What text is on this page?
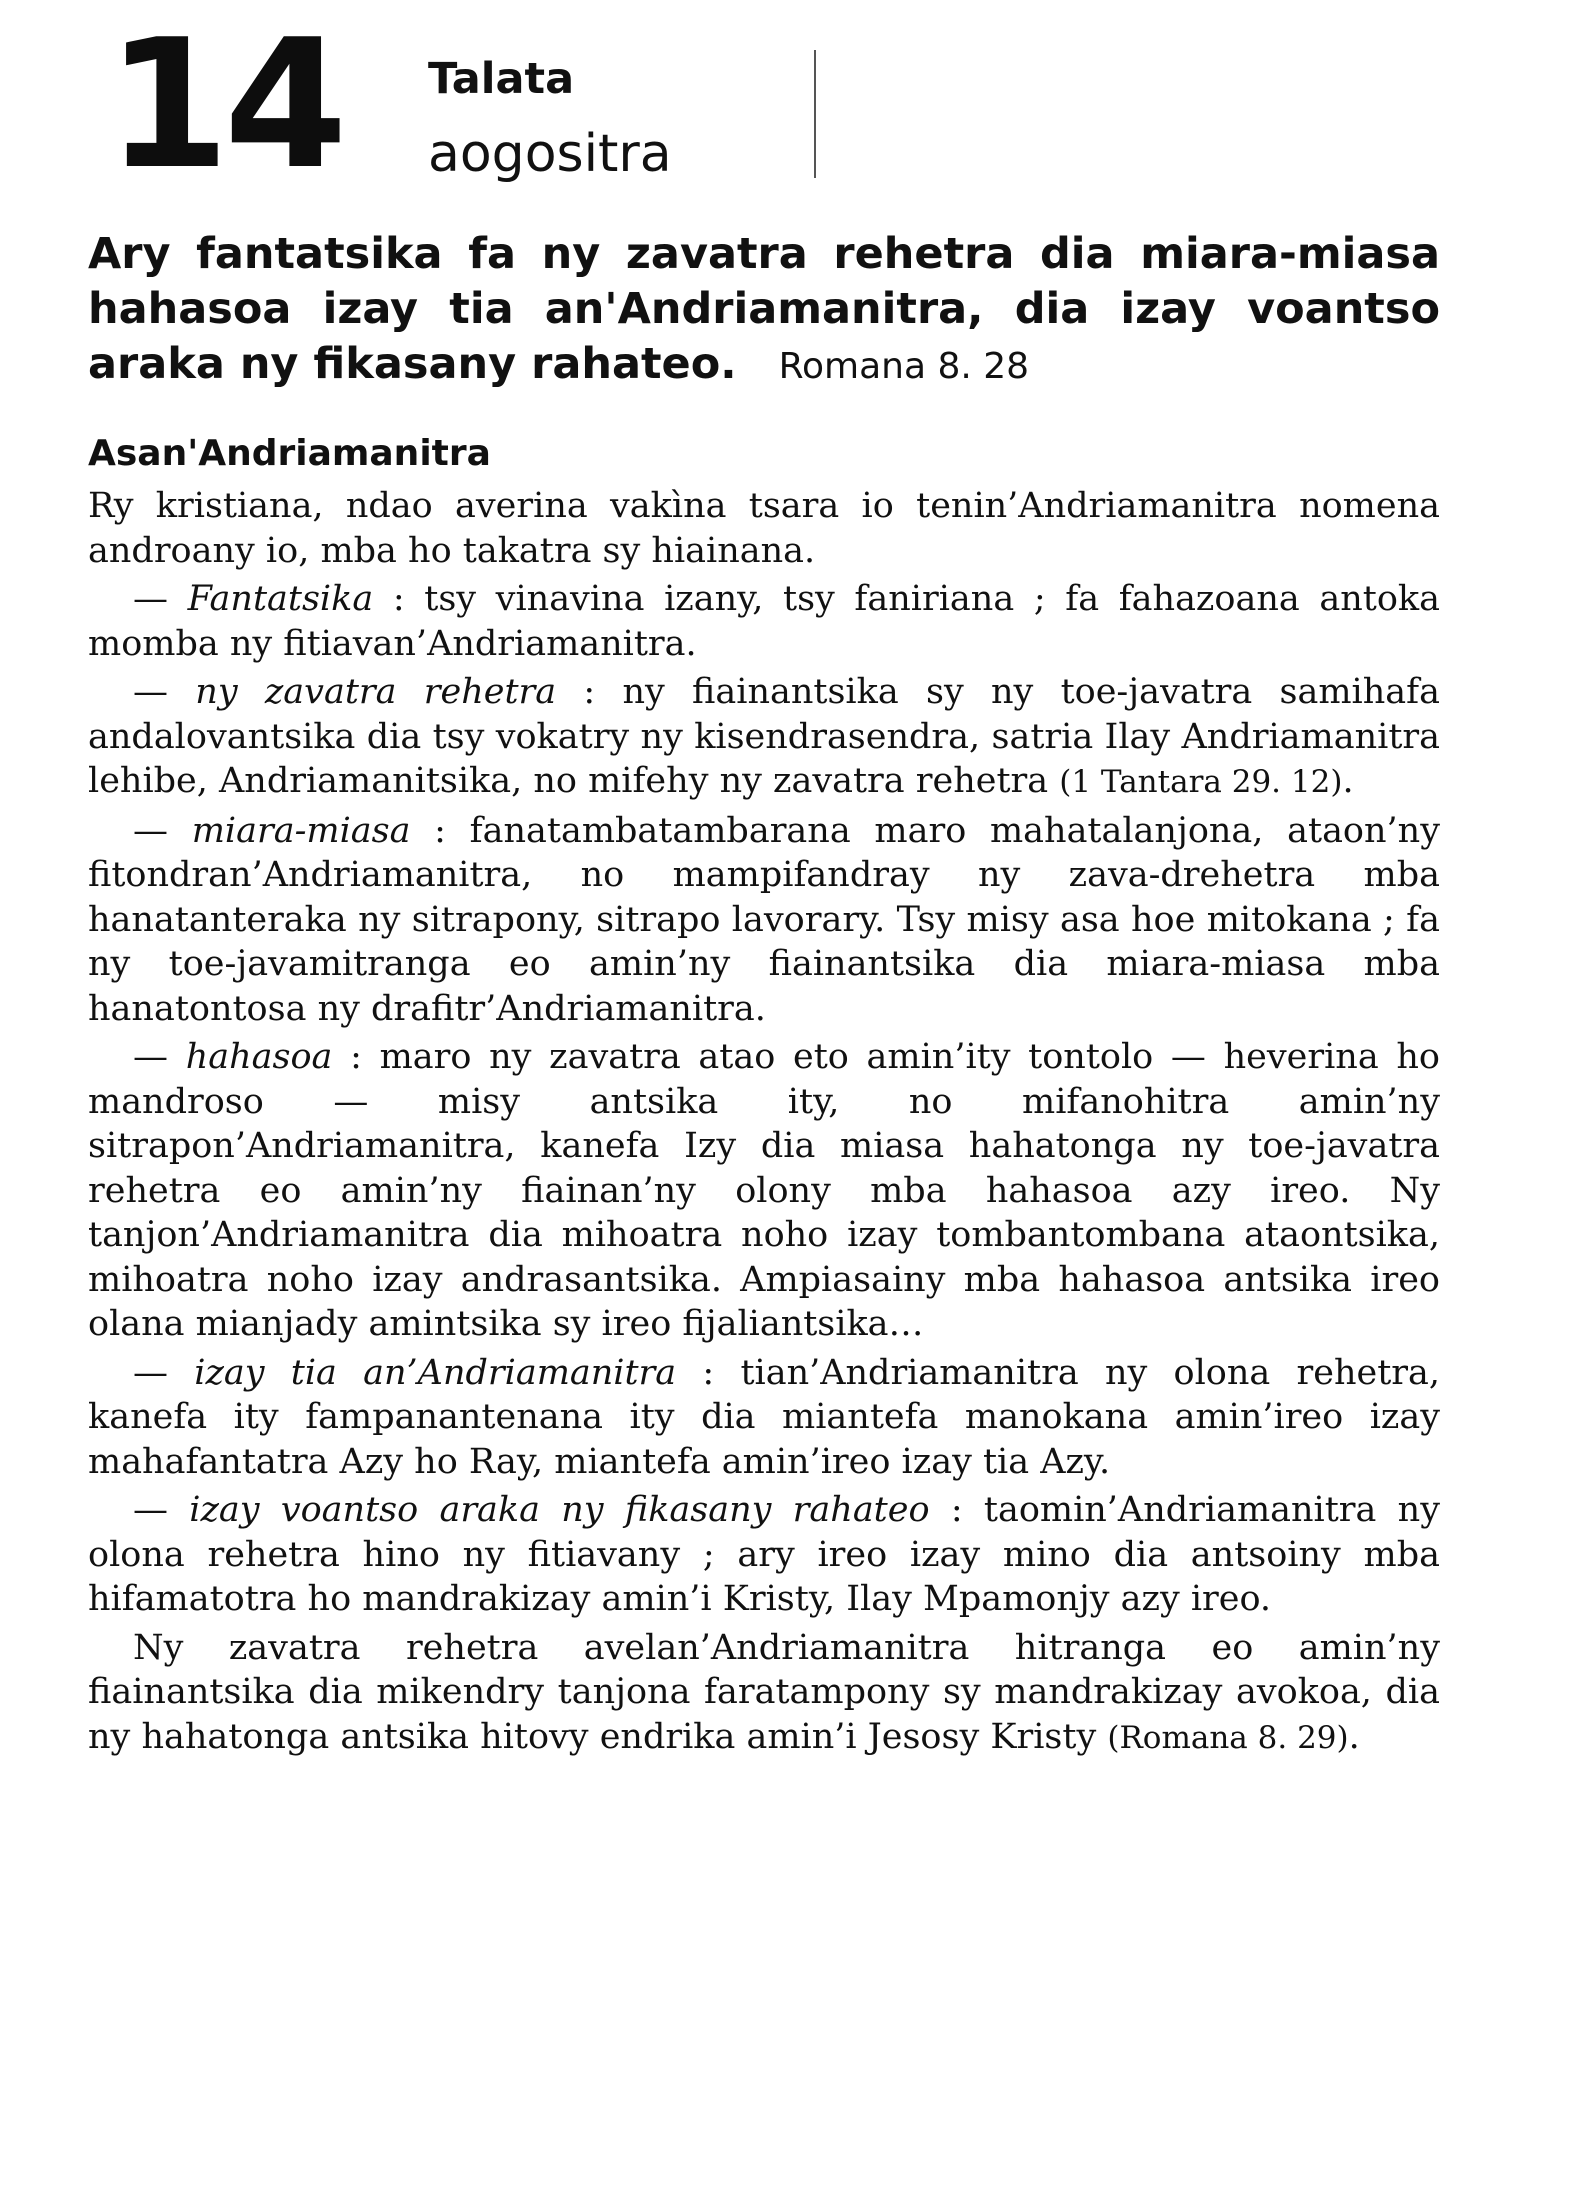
14 Talata
aogositra
Ary fantatsika fa ny zavatra rehetra dia miara-miasa hahasoa izay tia an'Andriamanitra, dia izay voantso araka ny fikasany rahateo. Romana 8. 28
Asan'Andriamanitra

Ry kristiana, ndao averina vakìna tsara io tenin’Andriamanitra nomena androany io, mba ho takatra sy hiainana.

— Fantatsika : tsy vinavina izany, tsy faniriana ; fa fahazoana antoka momba ny fitiavan’Andriamanitra.

— ny zavatra rehetra : ny fiainantsika sy ny toe-javatra samihafa andalovantsika dia tsy vokatry ny kisendrasendra, satria Ilay Andriamanitra lehibe, Andriamanitsika, no mifehy ny zavatra rehetra (1 Tantara 29. 12).

— miara-miasa : fanatambatambarana maro mahatalanjona, ataon’ny fitondran’Andriamanitra, no mampifandray ny zava-drehetra mba hanatanteraka ny sitrapony, sitrapo lavorary. Tsy misy asa hoe mitokana ; fa ny toe-javamitranga eo amin’ny fiainantsika dia miara-miasa mba hanatontosa ny drafitr’Andriamanitra.

— hahasoa : maro ny zavatra atao eto amin’ity tontolo — heverina ho mandroso — misy antsika ity, no mifanohitra amin’ny sitrapon’Andriamanitra, kanefa Izy dia miasa hahatonga ny toe-javatra rehetra eo amin’ny fiainan’ny olony mba hahasoa azy ireo. Ny tanjon’Andriamanitra dia mihoatra noho izay tombantombana ataontsika, mihoatra noho izay andrasantsika. Ampiasainy mba hahasoa antsika ireo olana mianjady amintsika sy ireo fijaliantsika…

— izay tia an’Andriamanitra : tian’Andriamanitra ny olona rehetra, kanefa ity fampanantenana ity dia miantefa manokana amin’ireo izay mahafantatra Azy ho Ray, miantefa amin’ireo izay tia Azy.

— izay voantso araka ny fikasany rahateo : taomin’Andriamanitra ny olona rehetra hino ny fitiavany ; ary ireo izay mino dia antsoiny mba hifamatotra ho mandrakizay amin’i Kristy, Ilay Mpamonjy azy ireo.

Ny zavatra rehetra avelan’Andriamanitra hitranga eo amin’ny fiainantsika dia mikendry tanjona faratampony sy mandrakizay avokoa, dia ny hahatonga antsika hitovy endrika amin’i Jesosy Kristy (Romana 8. 29).
